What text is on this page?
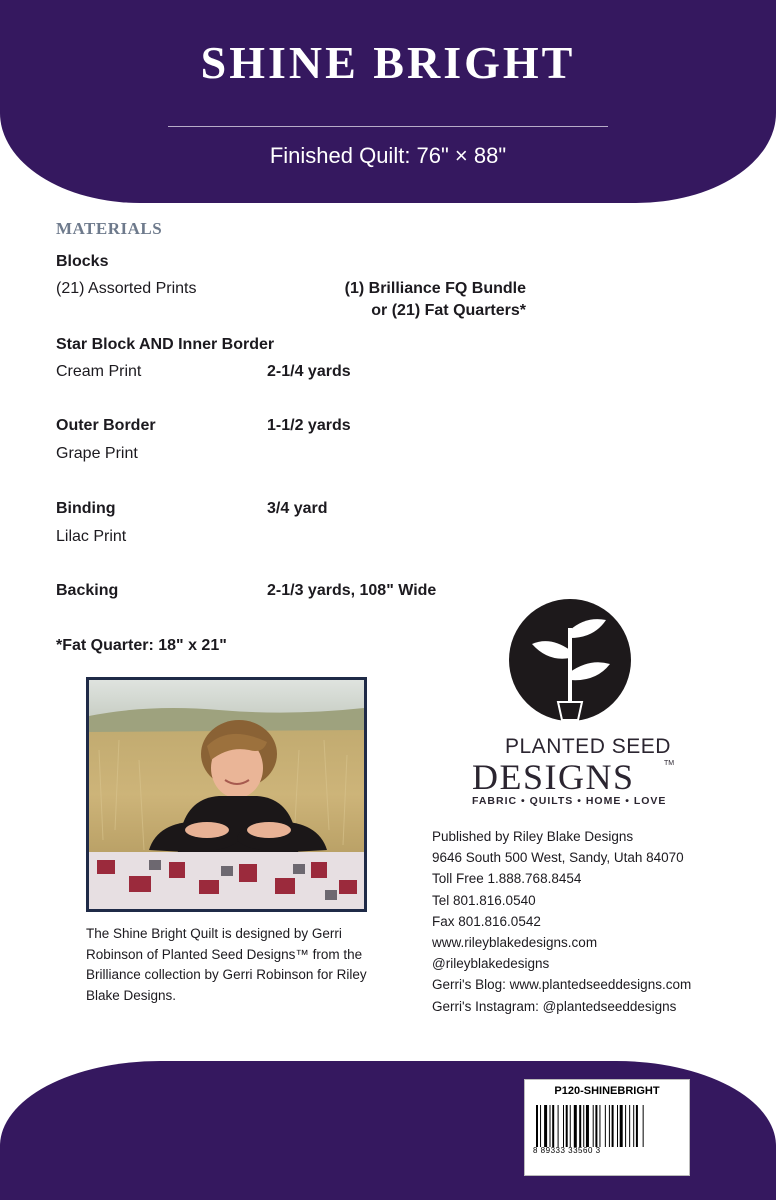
SHINE BRIGHT
Finished Quilt: 76" × 88"
MATERIALS
Blocks
(21) Assorted Prints	(1) Brilliance FQ Bundle
or (21) Fat Quarters*
Star Block AND Inner Border
Cream Print	2-1/4 yards
Outer Border	1-1/2 yards
Grape Print
Binding	3/4 yard
Lilac Print
Backing	2-1/3 yards, 108" Wide
*Fat Quarter: 18" x 21"
The Shine Bright Quilt is designed by Gerri Robinson of Planted Seed Designs™ from the Brilliance collection by Gerri Robinson for Riley Blake Designs.
PLANTED SEED
DESIGNS	TM
FABRIC • QUILTS • HOME • LOVE
Published by Riley Blake Designs
9646 South 500 West, Sandy, Utah 84070
Toll Free 1.888.768.8454
Tel 801.816.0540
Fax 801.816.0542
www.rileyblakedesigns.com
@rileyblakedesigns
Gerri's Blog: www.plantedseeddesigns.com
Gerri's Instagram: @plantedseeddesigns
P120-SHINEBRIGHT
8 89333 33560 3
